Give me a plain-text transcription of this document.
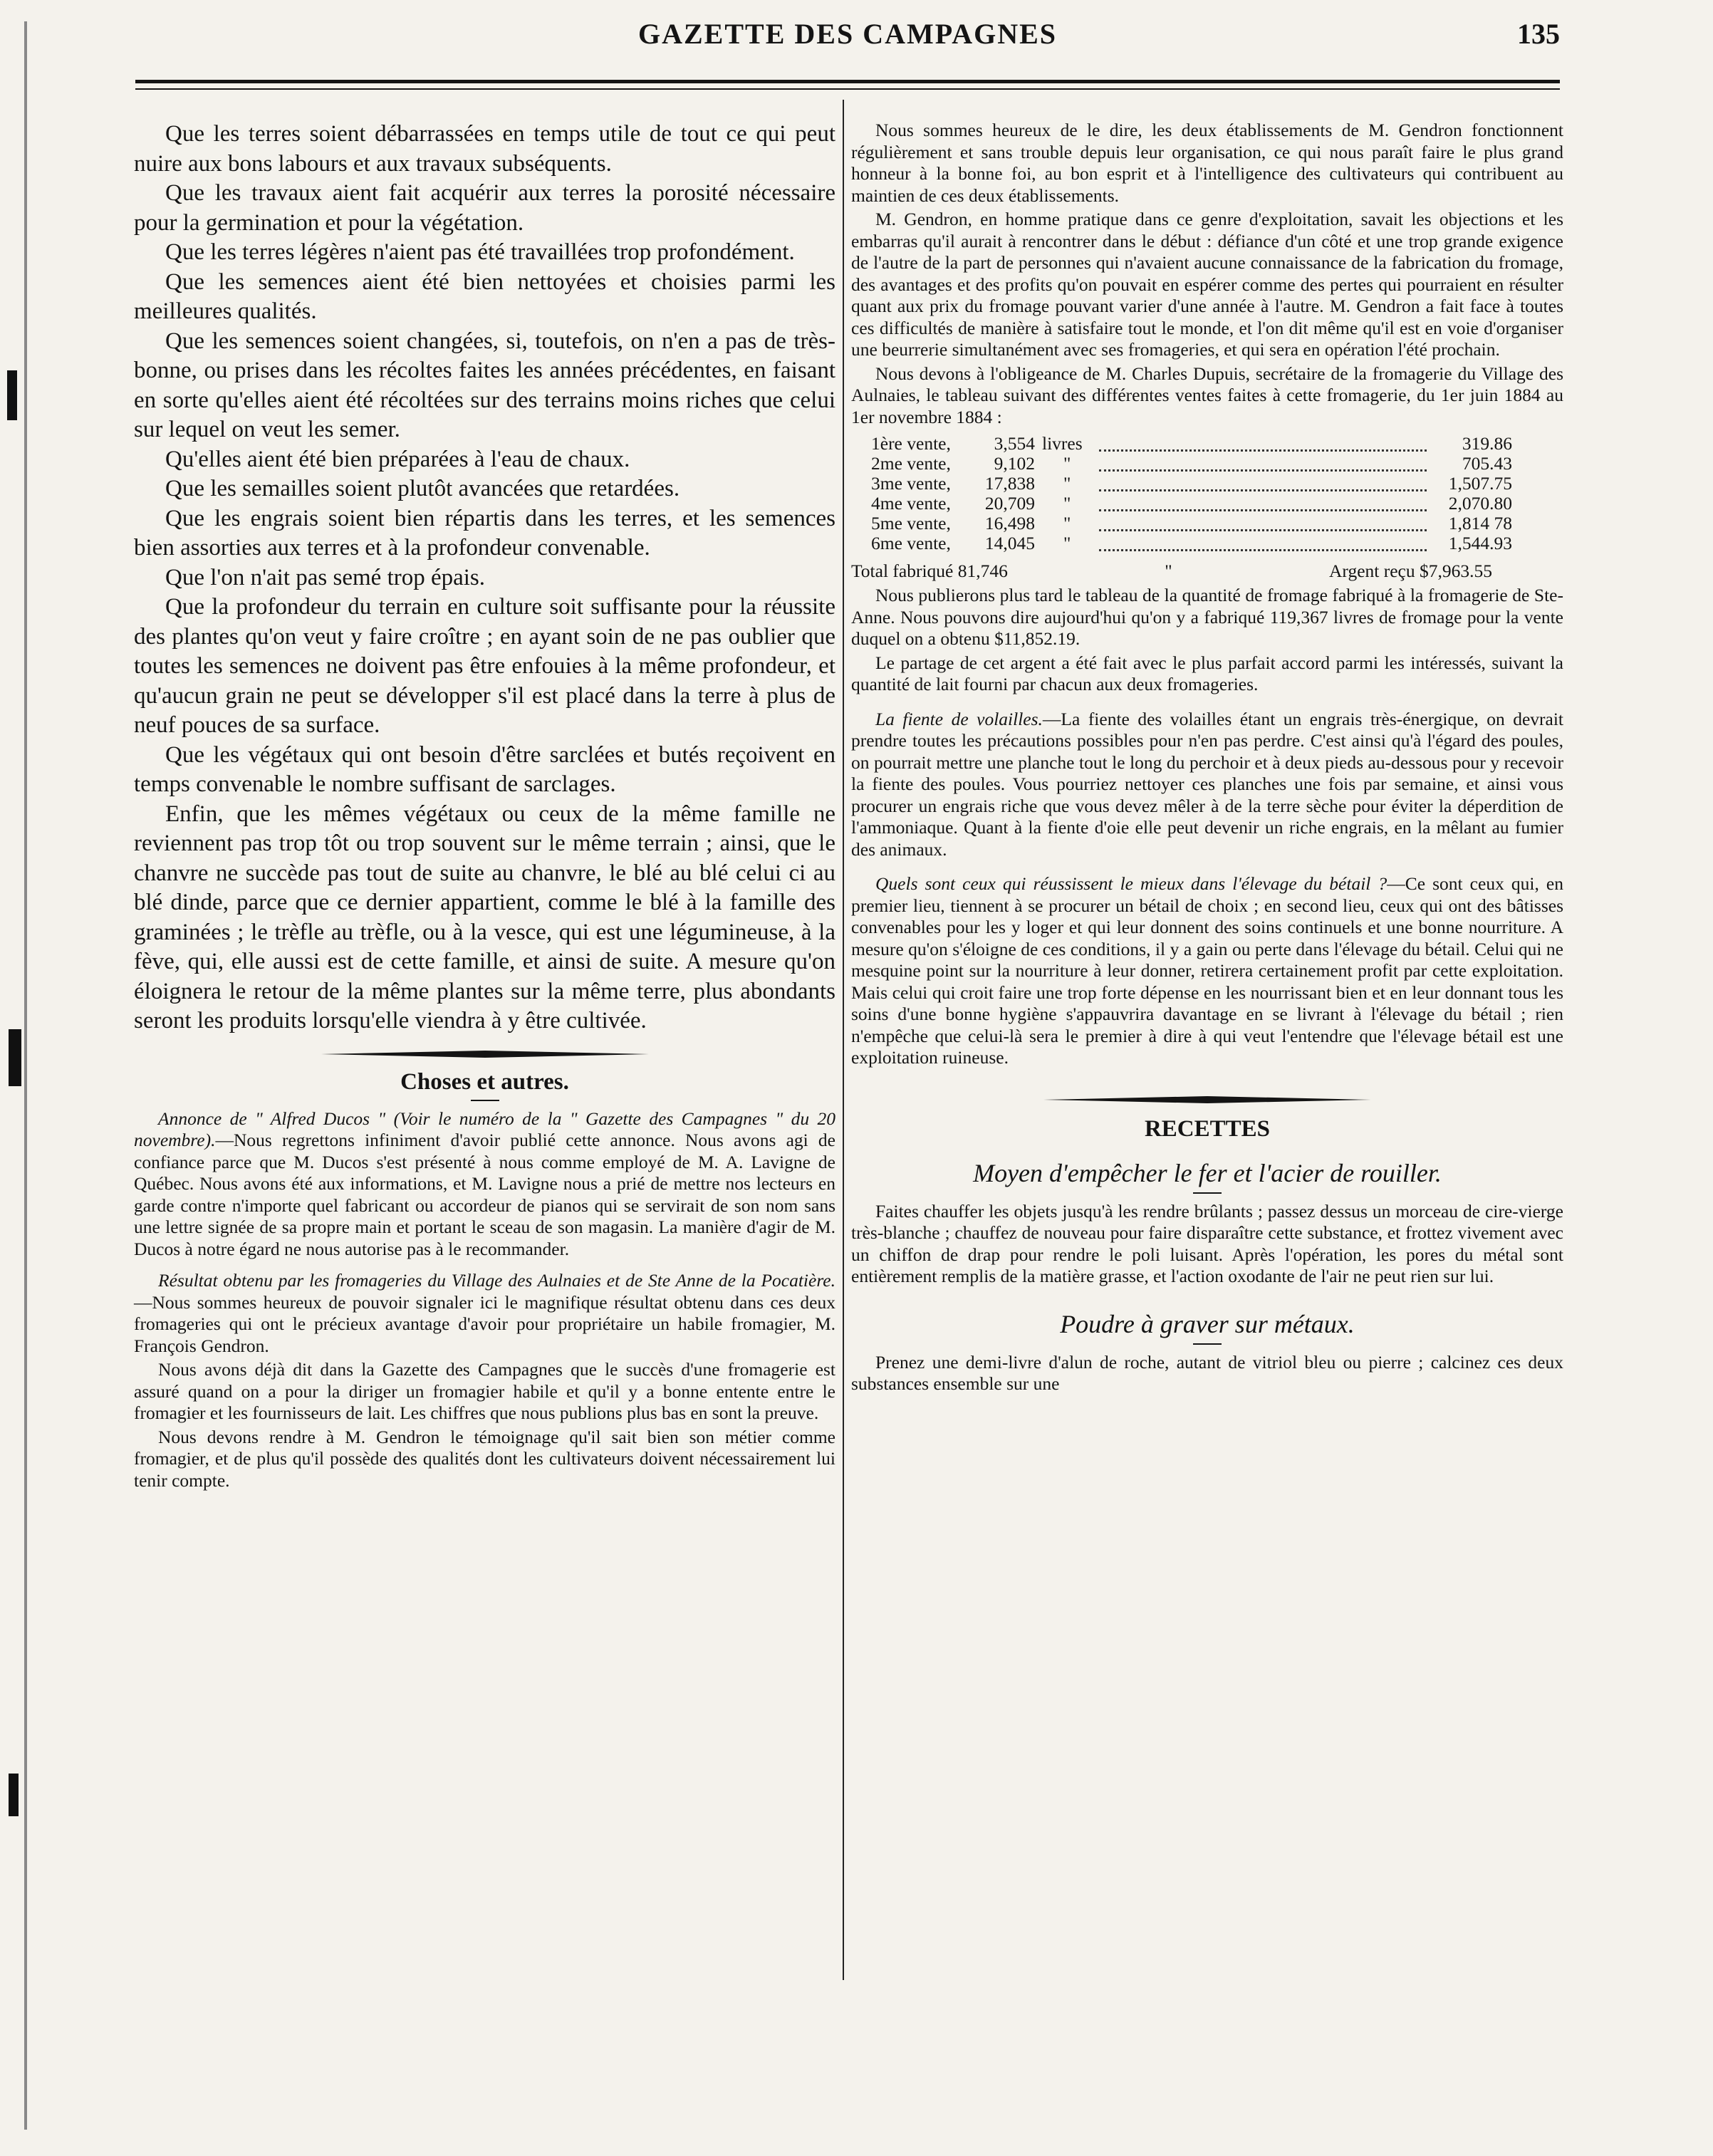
GAZETTE DES CAMPAGNES	135

Que les terres soient débarrassées en temps utile de tout ce qui peut nuire aux bons labours et aux travaux subséquents.

Que les travaux aient fait acquérir aux terres la porosité nécessaire pour la germination et pour la végétation.

Que les terres légères n'aient pas été travaillées trop profondément.

Que les semences aient été bien nettoyées et choisies parmi les meilleures qualités.

Que les semences soient changées, si, toutefois, on n'en a pas de très-bonne, ou prises dans les récoltes faites les années précédentes, en faisant en sorte qu'elles aient été récoltées sur des terrains moins riches que celui sur lequel on veut les semer.

Qu'elles aient été bien préparées à l'eau de chaux.

Que les semailles soient plutôt avancées que retardées.

Que les engrais soient bien répartis dans les terres, et les semences bien assorties aux terres et à la profondeur convenable.

Que l'on n'ait pas semé trop épais.

Que la profondeur du terrain en culture soit suffisante pour la réussite des plantes qu'on veut y faire croître ; en ayant soin de ne pas oublier que toutes les semences ne doivent pas être enfouies à la même profondeur, et qu'aucun grain ne peut se développer s'il est placé dans la terre à plus de neuf pouces de sa surface.

Que les végétaux qui ont besoin d'être sarclées et butés reçoivent en temps convenable le nombre suffisant de sarclages.

Enfin, que les mêmes végétaux ou ceux de la même famille ne reviennent pas trop tôt ou trop souvent sur le même terrain ; ainsi, que le chanvre ne succède pas tout de suite au chanvre, le blé au blé celui ci au blé dinde, parce que ce dernier appartient, comme le blé à la famille des graminées ; le trèfle au trèfle, ou à la vesce, qui est une légumineuse, à la fève, qui, elle aussi est de cette famille, et ainsi de suite. A mesure qu'on éloignera le retour de la même plantes sur la même terre, plus abondants seront les produits lorsqu'elle viendra à y être cultivée.

Choses et autres.

Annonce de " Alfred Ducos " (Voir le numéro de la " Gazette des Campagnes " du 20 novembre).—Nous regrettons infiniment d'avoir publié cette annonce. Nous avons agi de confiance parce que M. Ducos s'est présenté à nous comme employé de M. A. Lavigne de Québec. Nous avons été aux informations, et M. Lavigne nous a prié de mettre nos lecteurs en garde contre n'importe quel fabricant ou accordeur de pianos qui se servirait de son nom sans une lettre signée de sa propre main et portant le sceau de son magasin. La manière d'agir de M. Ducos à notre égard ne nous autorise pas à le recommander.

Résultat obtenu par les fromageries du Village des Aulnaies et de Ste Anne de la Pocatière.—Nous sommes heureux de pouvoir signaler ici le magnifique résultat obtenu dans ces deux fromageries qui ont le précieux avantage d'avoir pour propriétaire un habile fromagier, M. François Gendron.

Nous avons déjà dit dans la Gazette des Campagnes que le succès d'une fromagerie est assuré quand on a pour la diriger un fromagier habile et qu'il y a bonne entente entre le fromagier et les fournisseurs de lait. Les chiffres que nous publions plus bas en sont la preuve.

Nous devons rendre à M. Gendron le témoignage qu'il sait bien son métier comme fromagier, et de plus qu'il possède des qualités dont les cultivateurs doivent nécessairement lui tenir compte.

Nous sommes heureux de le dire, les deux établissements de M. Gendron fonctionnent régulièrement et sans trouble depuis leur organisation, ce qui nous paraît faire le plus grand honneur à la bonne foi, au bon esprit et à l'intelligence des cultivateurs qui contribuent au maintien de ces deux établissements.

M. Gendron, en homme pratique dans ce genre d'exploitation, savait les objections et les embarras qu'il aurait à rencontrer dans le début : défiance d'un côté et une trop grande exigence de l'autre de la part de personnes qui n'avaient aucune connaissance de la fabrication du fromage, des avantages et des profits qu'on pouvait en espérer comme des pertes qui pourraient en résulter quant aux prix du fromage pouvant varier d'une année à l'autre. M. Gendron a fait face à toutes ces difficultés de manière à satisfaire tout le monde, et l'on dit même qu'il est en voie d'organiser une beurrerie simultanément avec ses fromageries, et qui sera en opération l'été prochain.

Nous devons à l'obligeance de M. Charles Dupuis, secrétaire de la fromagerie du Village des Aulnaies, le tableau suivant des différentes ventes faites à cette fromagerie, du 1er juin 1884 au 1er novembre 1884 :

1ère vente,	3,554	livres		319.86
2me vente,	9,102	"		705.43
3me vente,	17,838	"		1,507.75
4me vente,	20,709	"		2,070.80
5me vente,	16,498	"		1,814 78
6me vente,	14,045	"		1,544.93
Total fabriqué 81,746	"	Argent reçu $7,963.55

Nous publierons plus tard le tableau de la quantité de fromage fabriqué à la fromagerie de Ste-Anne. Nous pouvons dire aujourd'hui qu'on y a fabriqué 119,367 livres de fromage pour la vente duquel on a obtenu $11,852.19.

Le partage de cet argent a été fait avec le plus parfait accord parmi les intéressés, suivant la quantité de lait fourni par chacun aux deux fromageries.

La fiente de volailles.—La fiente des volailles étant un engrais très-énergique, on devrait prendre toutes les précautions possibles pour n'en pas perdre. C'est ainsi qu'à l'égard des poules, on pourrait mettre une planche tout le long du perchoir et à deux pieds au-dessous pour y recevoir la fiente des poules. Vous pourriez nettoyer ces planches une fois par semaine, et ainsi vous procurer un engrais riche que vous devez mêler à de la terre sèche pour éviter la déperdition de l'ammoniaque. Quant à la fiente d'oie elle peut devenir un riche engrais, en la mêlant au fumier des animaux.

Quels sont ceux qui réussissent le mieux dans l'élevage du bétail ?—Ce sont ceux qui, en premier lieu, tiennent à se procurer un bétail de choix ; en second lieu, ceux qui ont des bâtisses convenables pour les y loger et qui leur donnent des soins continuels et une bonne nourriture. A mesure qu'on s'éloigne de ces conditions, il y a gain ou perte dans l'élevage du bétail. Celui qui ne mesquine point sur la nourriture à leur donner, retirera certainement profit par cette exploitation. Mais celui qui croit faire une trop forte dépense en les nourrissant bien et en leur donnant tous les soins d'une bonne hygiène s'appauvrira davantage en se livrant à l'élevage du bétail ; rien n'empêche que celui-là sera le premier à dire à qui veut l'entendre que l'élevage bétail est une exploitation ruineuse.

RECETTES
Moyen d'empêcher le fer et l'acier de rouiller.

Faites chauffer les objets jusqu'à les rendre brûlants ; passez dessus un morceau de cire-vierge très-blanche ; chauffez de nouveau pour faire disparaître cette substance, et frottez vivement avec un chiffon de drap pour rendre le poli luisant. Après l'opération, les pores du métal sont entièrement remplis de la matière grasse, et l'action oxodante de l'air ne peut rien sur lui.

Poudre à graver sur métaux.

Prenez une demi-livre d'alun de roche, autant de vitriol bleu ou pierre ; calcinez ces deux substances ensemble sur une
